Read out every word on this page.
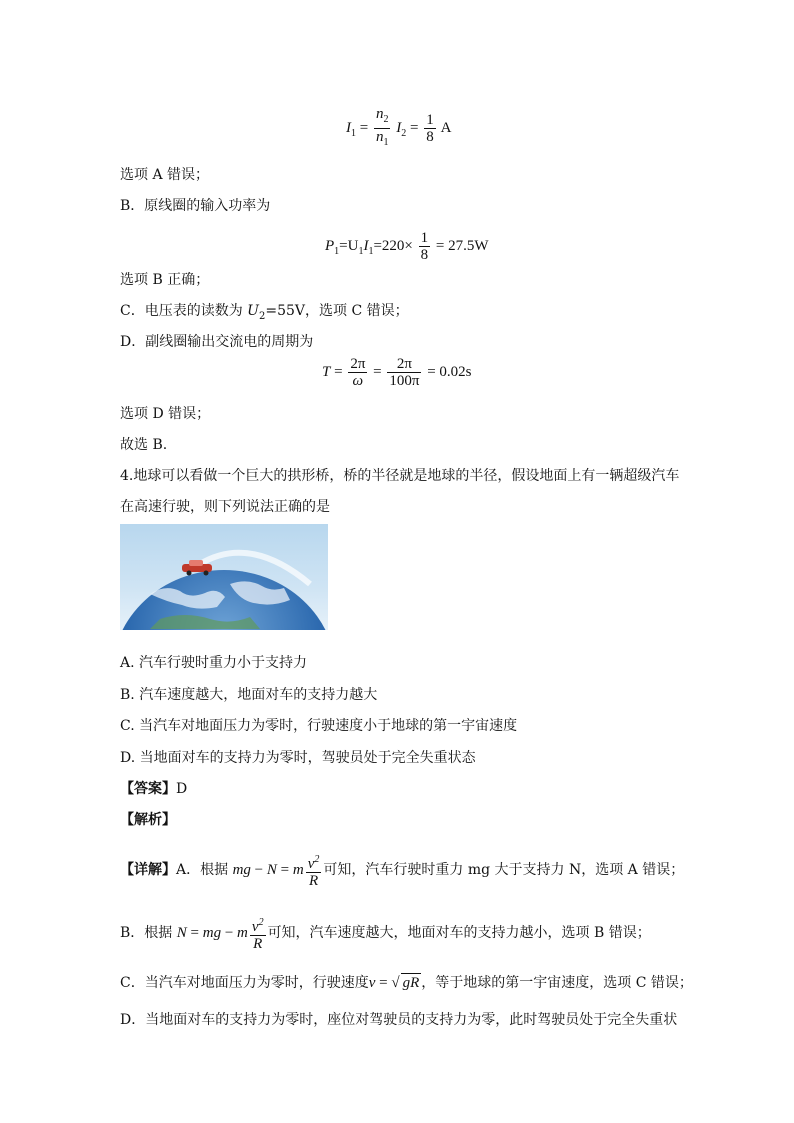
$I_1 = \frac{n_2}{n_1} I_2 = \frac{1}{8}$ A
选项 A 错误；
B．原线圈的输入功率为
$P_1=U_1I_1=220\times \frac{1}{8} = 27.5W$
选项 B 正确；
C．电压表的读数为 $U_2=55V$，选项 C 错误；
D．副线圈输出交流电的周期为
$T = \frac{2\pi}{\omega} = \frac{2\pi}{100\pi} = 0.02s$
选项 D 错误；
故选 B.
4.地球可以看做一个巨大的拱形桥，桥的半径就是地球的半径，假设地面上有一辆超级汽车
在高速行驶，则下列说法正确的是
A. 汽车行驶时重力小于支持力
B. 汽车速度越大，地面对车的支持力越大
C. 当汽车对地面压力为零时，行驶速度小于地球的第一宇宙速度
D. 当地面对车的支持力为零时，驾驶员处于完全失重状态
【答案】D
【解析】
【详解】A．根据 mg − N = m $\frac{v^2}{R}$ 可知，汽车行驶时重力 mg 大于支持力 N，选项 A 错误；
B．根据 N = mg − m $\frac{v^2}{R}$ 可知，汽车速度越大，地面对车的支持力越小，选项 B 错误；
C．当汽车对地面压力为零时，行驶速度v = √ gR ，等于地球的第一宇宙速度，选项 C 错误；
D．当地面对车的支持力为零时，座位对驾驶员的支持力为零，此时驾驶员处于完全失重状
